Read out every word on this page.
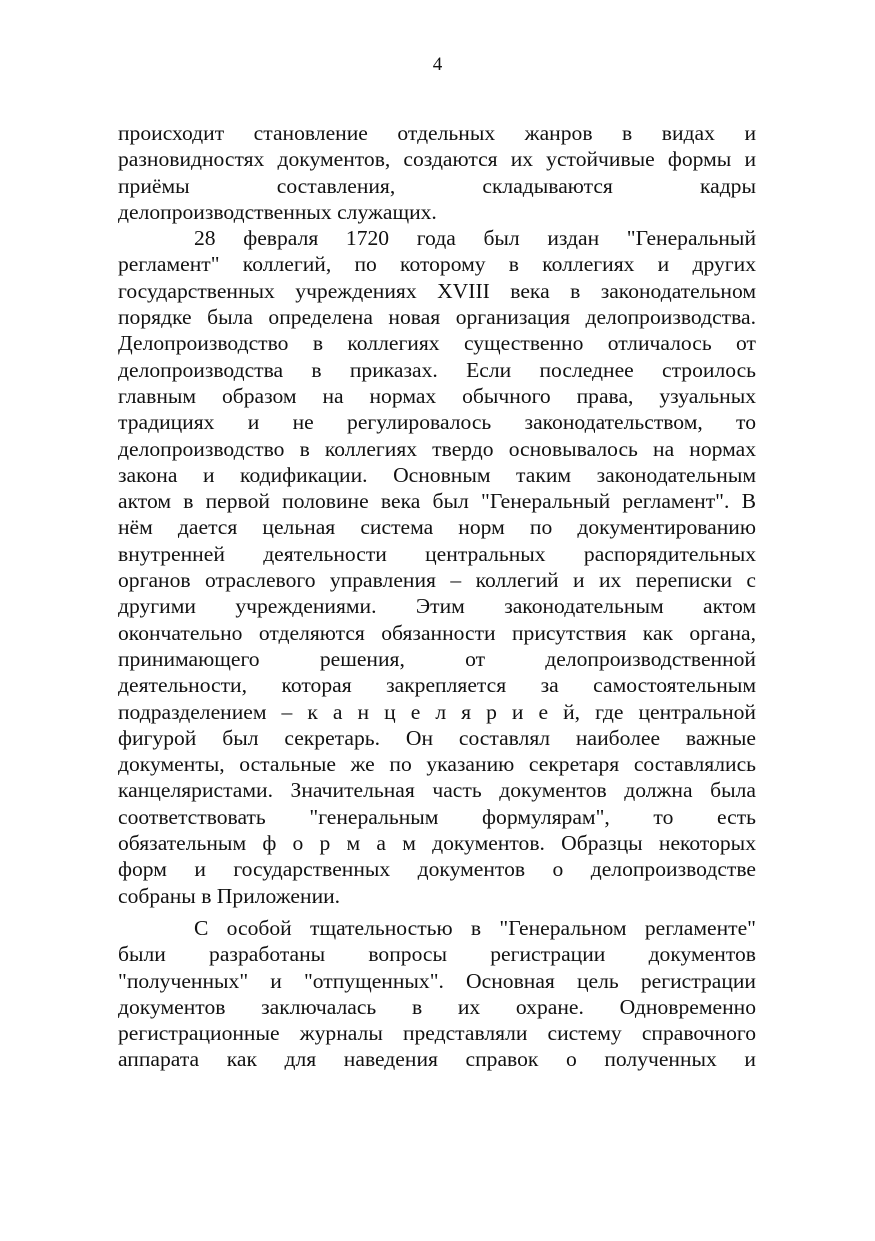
4
происходит становление отдельных жанров в видах и
разновидностях документов, создаются их устойчивые формы и
приёмы составления, складываются кадры
делопроизводственных служащих.
28 февраля 1720 года был издан "Генеральный
регламент" коллегий, по которому в коллегиях и других
государственных учреждениях XVIII века в законодательном
порядке была определена новая организация делопроизводства.
Делопроизводство в коллегиях существенно отличалось от
делопроизводства в приказах. Если последнее строилось
главным образом на нормах обычного права, узуальных
традициях и не регулировалось законодательством, то
делопроизводство в коллегиях твердо основывалось на нормах
закона и кодификации. Основным таким законодательным
актом в первой половине века был "Генеральный регламент". В
нём дается цельная система норм по документированию
внутренней деятельности центральных распорядительных
органов отраслевого управления – коллегий и их переписки с
другими учреждениями. Этим законодательным актом
окончательно отделяются обязанности присутствия как органа,
принимающего решения, от делопроизводственной
деятельности, которая закрепляется за самостоятельным
подразделением – к а н ц е л я р и е й, где центральной
фигурой был секретарь. Он составлял наиболее важные
документы, остальные же по указанию секретаря составлялись
канцеляристами. Значительная часть документов должна была
соответствовать "генеральным формулярам", то есть
обязательным ф о р м а м документов. Образцы некоторых
форм и государственных документов о делопроизводстве
собраны в Приложении.
С особой тщательностью в "Генеральном регламенте"
были разработаны вопросы регистрации документов
"полученных" и "отпущенных". Основная цель регистрации
документов заключалась в их охране. Одновременно
регистрационные журналы представляли систему справочного
аппарата как для наведения справок о полученных и
